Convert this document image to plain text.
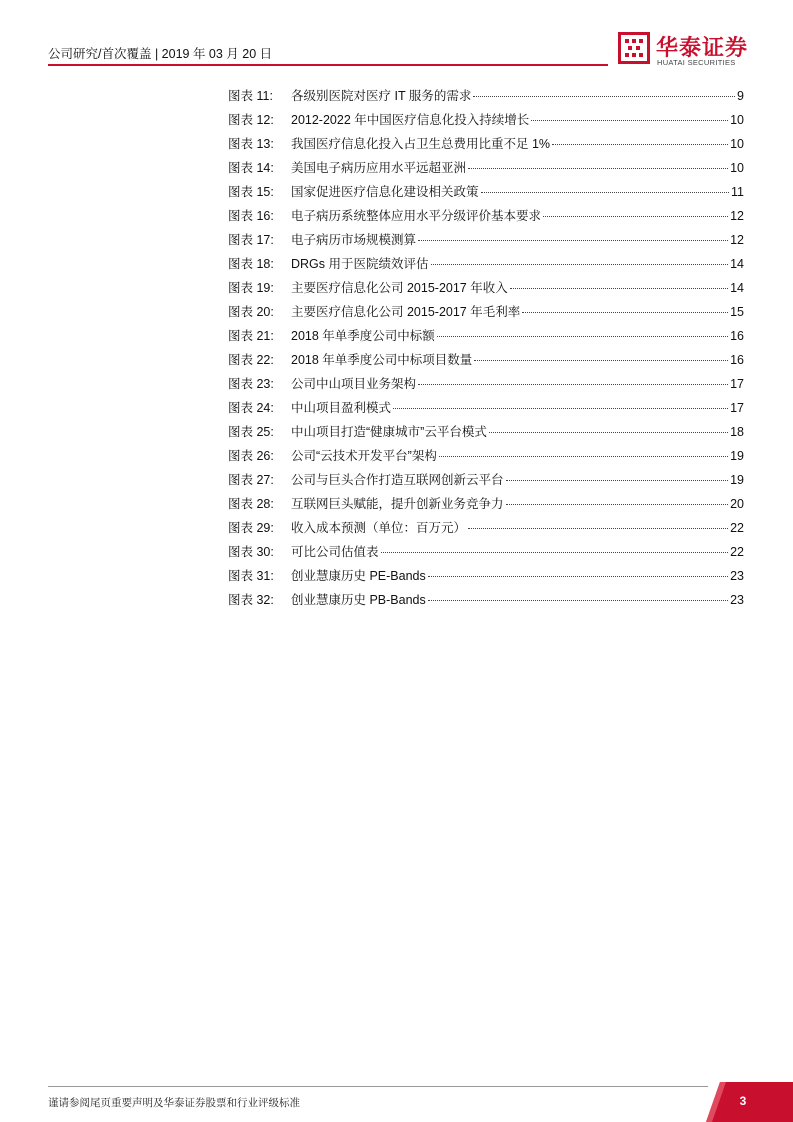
公司研究/首次覆盖 | 2019 年 03 月 20 日	华泰证券
HUATAI SECURITIES
图表 11:	各级别医院对医疗 IT 服务的需求	9
图表 12:	2012-2022 年中国医疗信息化投入持续增长	10
图表 13:	我国医疗信息化投入占卫生总费用比重不足 1%	10
图表 14:	美国电子病历应用水平远超亚洲	10
图表 15:	国家促进医疗信息化建设相关政策	11
图表 16:	电子病历系统整体应用水平分级评价基本要求	12
图表 17:	电子病历市场规模测算	12
图表 18:	DRGs 用于医院绩效评估	14
图表 19:	主要医疗信息化公司 2015-2017 年收入	14
图表 20:	主要医疗信息化公司 2015-2017 年毛利率	15
图表 21:	2018 年单季度公司中标额	16
图表 22:	2018 年单季度公司中标项目数量	16
图表 23:	公司中山项目业务架构	17
图表 24:	中山项目盈利模式	17
图表 25:	中山项目打造“健康城市”云平台模式	18
图表 26:	公司“云技术开发平台”架构	19
图表 27:	公司与巨头合作打造互联网创新云平台	19
图表 28:	互联网巨头赋能，提升创新业务竞争力	20
图表 29:	收入成本预测（单位：百万元）	22
图表 30:	可比公司估值表	22
图表 31:	创业慧康历史 PE-Bands	23
图表 32:	创业慧康历史 PB-Bands	23
谨请参阅尾页重要声明及华泰证券股票和行业评级标准	3
